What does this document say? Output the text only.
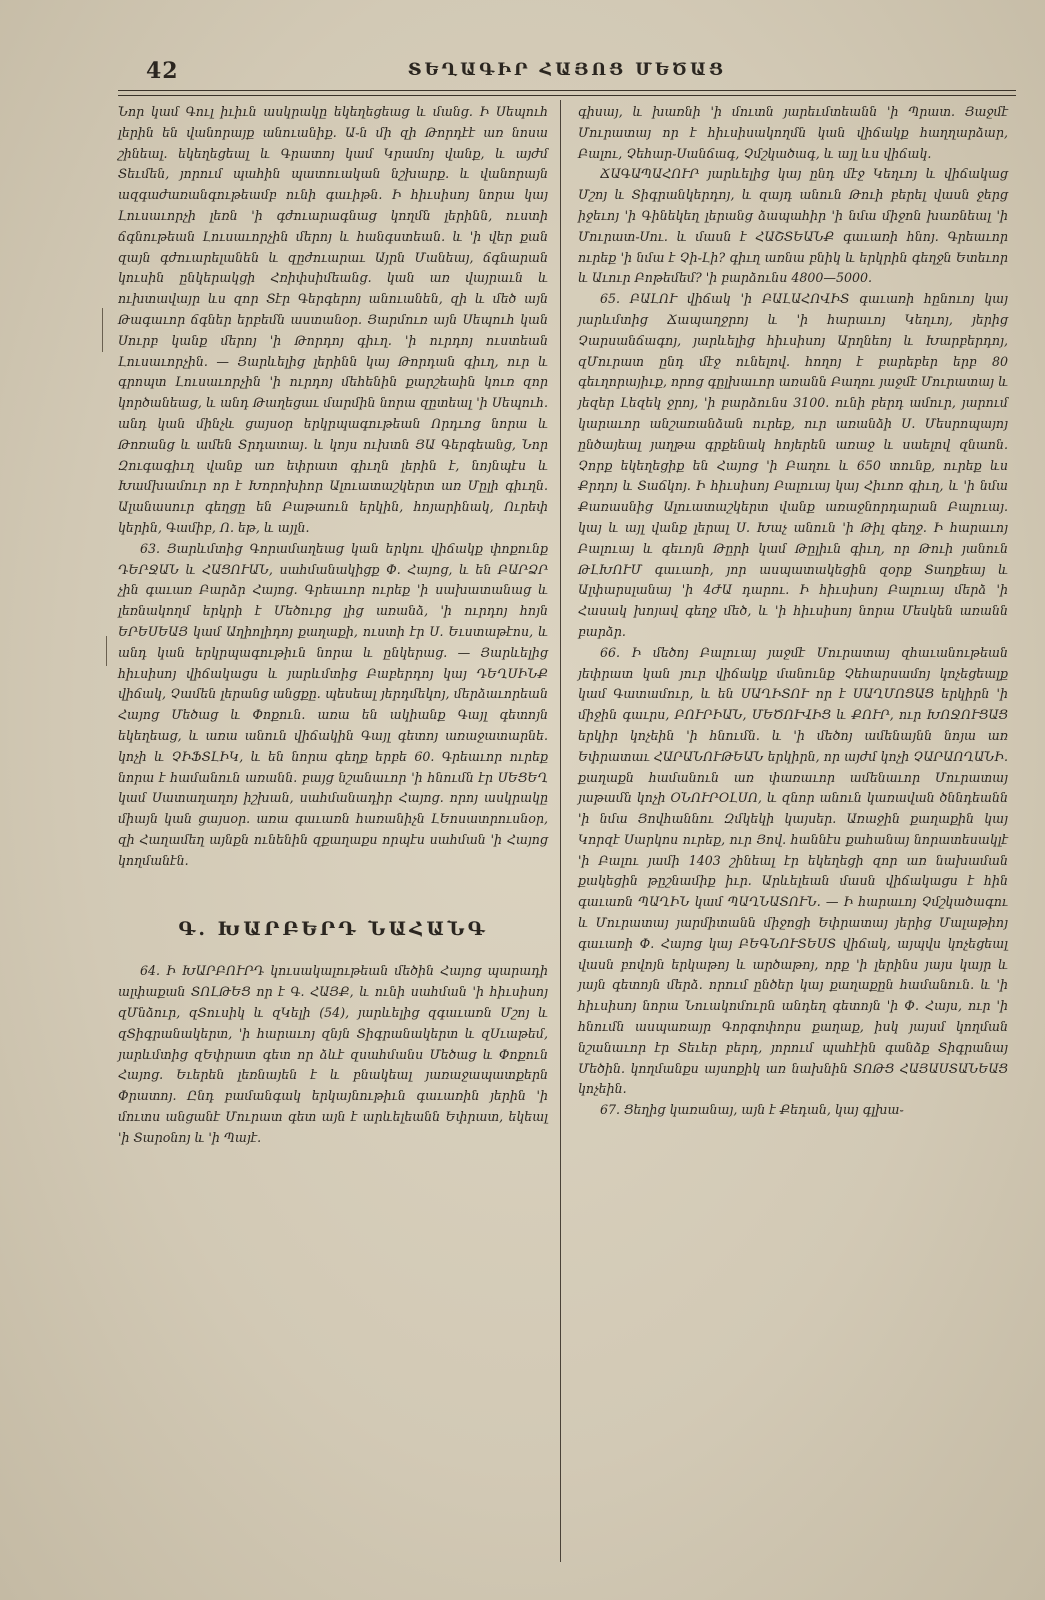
42	ՏԵՂԱԳԻՐ ՀԱՅՈՑ ՄԵԾԱՑ

Նոր կամ Գուլ իւիւն ասկրակը եկեղեցեաց և մանց. Ի Սեպուհ լերին են վանորայք անուանիք. Ա֊ն մի զի Թորդէէ առ նոսա շինեալ. եկեղեցեալ և Գրատոյ կամ Կրամոյ վանք, և այժմ Տեւմեն, յորում պահին պատուական նշխարք. և վանորայն ազգաժառանգութեամբ ունի գաւիթն. Ի հիւսիսոյ նորա կայ Լուսաւորչի լեռն 'ի գժուարագնաց կողմն լերինն, ուստի ճգնութեան Լուսաւորչին մերոյ և հանգստեան. և 'ի վեր քան զայն գժուարելանեն և զըժուարաւ Այրն Մանեայ, ճգնարան կուսին ընկերակցի Հռիփսիմեանց. կան առ վայրաւն և ուխտավայր ևս զոր Տէր Գերգերոյ անուանեն, զի և մեծ այն Թագաւոր ճգներ երբեմն աստանօր. Յարմուռ այն Սեպուհ կան Սուրբ կանք մերոյ 'ի Թորդոյ գիւղ. 'ի ուրդոյ ուստեան Լուսաւորչին. — Յարևելից լերինն կայ Թորդան գիւղ, ուր և գրոպտ Լուսաւորչին 'ի ուրդոյ մեհենին քարշեաին կուռ զոր կործանեաց, և անդ Թաղեցաւ մարմին նորա զըտեալ 'ի Սեպուհ. անդ կան մինչև ցայսօր երկրպագութեան Որդւոց նորա և Թոռանց և ամեն Տրդատայ. և կոյս ուխտն ՅԱ Գերգեանց, Նոր Զուգագիւղ վանք առ եփրատ գիւղն լերին է, նոյնպէս և Խամխամուր որ է Խորոխիոր Ալուատաշկերտ առ Մըլի գիւղն. Ալանասուր գեղցը են Բաթաուն երկին, հոյարինակ, Ուրեփ կերին, Գամիբ, Ո. եթ, և այլն.

63. Յարևմտից Գորամաղեաց կան երկու վիճակք փոքունք ԴԵՐՋԱՆ և ՀԱՑՈՒԱՆ, սահմանակիցք Փ. Հայոց, և են ԲԱՐՁՐ չին գաւառ Բարձր Հայոց. Գրեաւոր ուրեք 'ի սախատանաց և լեռնակողմ երկրի է Մեծուրց լից առանձ, 'ի ուրդոյ հոյն ԵՐԵՍԵԱՅ կամ Աղիոլիդոյ քաղաքի, ուստի էր Ս. Եւստաթէոս, և անդ կան երկրպագութիւն նորա և ընկերաց. — Յարևելից հիւսիսոյ վիճակացս և յարևմտից Բաբերդոյ կայ ԴԵՂՍԻՆՔ վիճակ, Չամեն լերանց անցքը. պեսեալ յերդմեկոյ, մերձաւորեան Հայոց Մեծաց և Փոքուն. առա են ակիանք Գայլ գետոյն եկեղեաց, և առա անուն վիճակին Գայլ գետոյ առաջատարնե. կոչի և ՉԻՖՏԼԻԿ, և են նորա գեղք երբե 60. Գրեաւոր ուրեք նորա է համանուն առանն. բայց նշանաւոր 'ի հնումն էր ՍԵՑԵՂ կամ Սատաղաղոյ իշխան, սահմանադիր Հայոց. որոյ ասկրակը միայն կան ցայսօր. առա գաւառն հառանիչն ԼԵոսատրուսնօր, զի Հաղամեղ այնքն ունենին զքաղաքս որպէս սահման 'ի Հայոց կողմանէն.

Գ. ԽԱՐԲԵՐԴ ՆԱՀԱՆԳ

64. Ի ԽԱՐԲՈՒՐԴ կուսակալութեան մեծին Հայոց պարադի ալփաքան ՏՈԼԹԵՑ որ է Գ. ՀԱՅՔ, և ունի սահման 'ի հիւսիսոյ զՄնձուր, զՏուսիկ և զԿելի (54), յարևելից զգաւառն Մշոյ և զՏիգրանակերտ, 'ի հարաւոյ զնյն Տիգրանակերտ և զՍւաթեմ, յարևմտից զԵփրատ գետ որ ձևէ զսահմանս Մեծաց և Փոքուն Հայոց. Եւերեն լեռնայեն է և բնակեալ յառաջապատքերն Փրատոյ. Ընդ բամանգակ երկայնութիւն գաւառին յերին 'ի մուտս անցանէ Մուրատ գետ այն է արևելեանն Եփրատ, եկեալ 'ի Տարօնոյ և 'ի Պայէ.

գիսայ, և խառնի 'ի մուտն յարեւմտեանն 'ի Պրատ. Յաջմէ Մուրատայ որ է հիւսիսակողմն կան վիճակք հաղղարձար, Բալու, Չեհար֊Սանճագ, Չմշկածագ, և այլ ևս վիճակ.

ՃԱԳԱՊԱՀՈՒՐ յարևելից կայ ընդ մէջ Կեղւոյ և վիճակաց Մշոյ և Տիգրանկերդոյ, և զայդ անուն Թուի բերել վասն ջերց իջեւոյ 'ի Գինեկեղ լերանց ձապահիր 'ի նմա միջոն խառնեալ 'ի Մուրատ֊Սու. և մասն է ՀԱՇՏԵԱՆՔ գաւառի հնոյ. Գրեաւոր ուրեք 'ի նմա է Չի֊Լի? գիւղ առնա բնիկ և երկրին գեղջն Ետեւոր և Աւուր Բոթեմեմ? 'ի բարձունս 4800—5000.

65. ԲԱԼՈՒ վիճակ 'ի ԲԱԼԱՀՈՎԻՏ գաւառի հընուոյ կայ յարևմտից Ճապաղջրոյ և 'ի հարաւոյ Կեղւոյ, յերից Չարսանճագոյ, յարևելից հիւսիսոյ Արղնեոյ և Խարբերդոյ, զՄուրատ ընդ մէջ ունելով. հողոյ է բարեբեր երբ 80 գեւղորայիւք, որոց գըլխաւոր առանն Բաղու յաջմէ Մուրատայ և յեզեր Լեզեկ ջրոյ, 'ի բարձունս 3100. ունի բերդ ամուր, յարում կարաւոր անշառանձան ուրեք, ուր առանձի Ս. Մեսրոպայոյ ընծայեալ յաղթա գրքենակ հոյերեն առաջ և սաելով զնաոն. Չորք եկեղեցիք են Հայոց 'ի Բաղու և 650 տունք, ուրեք ևս Քրդոյ և Տաճկոյ. Ի հիւսիսոյ Բալուայ կայ Հիւոռ գիւղ, և 'ի նմա Քառասնից Ալուատաշկերտ վանք առաջնորդարան Բալուայ. կայ և այլ վանք լերալ Ս. Խաչ անուն 'ի Թիլ գեղջ. Ի հարաւոյ Բալուայ և գեւոյն Թըրի կամ Թըլիւն գիւղ, որ Թուի յանուն ԹԼԽՈՒՄ գաւառի, յոր ասպատակեցին զօրք Տաղքեայ և Ալփարսլանայ 'ի 4ԺԱ դարու. Ի հիւսիսոյ Բալուայ մերձ 'ի Հասակ խոյավ գեղջ մեծ, և 'ի հիւսիսոյ նորա Մեսկեն առանն բարձր.

66. Ի մեծոյ Բալուայ յաջմէ Մուրատայ զհաւանութեան յեփրատ կան յուր վիճակք մանունք Չեհարսամոյ կոչեցեալք կամ Գատամուր, և են ՍԱՂԻՏՈՒ որ է ՍԱՂՄՈՑԱՑ երկիրն 'ի միջին գաւրս, ԲՈՒՐԻԱՆ, ՄԵԾՈՒՎԻՑ և ՔՈՒՐ, ուր ԽՈՋՈՒՑԱՑ երկիր կոչեին 'ի հնումն. և 'ի մեծոյ ամենայնն նոյա առ Եփրատաւ ՀԱՐԱՆՈՒԹԵԱՆ երկիրն, որ այժմ կոչի ՉԱՐԱՈՂԱՆԻ. քաղաքն համանուն առ փառաւոր ամենաւոր Մուրատայ յաթամն կոչի ՕՆՈՒՐՕԼՍՈ, և զնոր անուն կառավան ծննդեանն 'ի նմա Յովհաննու Զմկեկի կայսեր. Առաջին քաղաքին կայ Կորզէ Սարկոս ուրեք, ուր Յով. հաննէս քահանայ նորատեսակլէ 'ի Բալու յամի 1403 շինեալ էր եկեղեցի զոր առ նախաման քակեցին թըշնամիք իւր. Արևելեան մասն վիճակացս է հին գաւառն ՊԱՂԻՆ կամ ՊԱՂՆԱՏՈՒՆ. — Ի հարաւոյ Չմշկածագու և Մուրատայ յարմիտանն միջոցի Եփրատայ յերից Մալաթիոյ գաւառի Փ. Հայոց կայ ԲԵԳՆՈՒՏԵՍՏ վիճակ, այպվս կոչեցեալ վասն բովոյն երկաթոյ և արծաթոյ, որք 'ի լերինս յայս կայր և յայն գետոյն մերձ. որում ընծեր կայ քաղաքըն համանուն. և 'ի հիւսիսոյ նորա Նուակոմուրն անդեղ գետոյն 'ի Փ. Հայս, ուր 'ի հնումն ասպառայր Գորգոփորս քաղաք, իսկ յայսմ կողման նշանաւոր էր Տեւեր բերդ, յորում պահէին գանձք Տիգրանայ Մեծին. կողմանքս այսոքիկ առ նախնին ՏՈԹՑ ՀԱՅԱՍՏԱՆԵԱՑ կոչեին.

67. Ցեղից կառանայ, այն է Քեդան, կայ գլխա֊
